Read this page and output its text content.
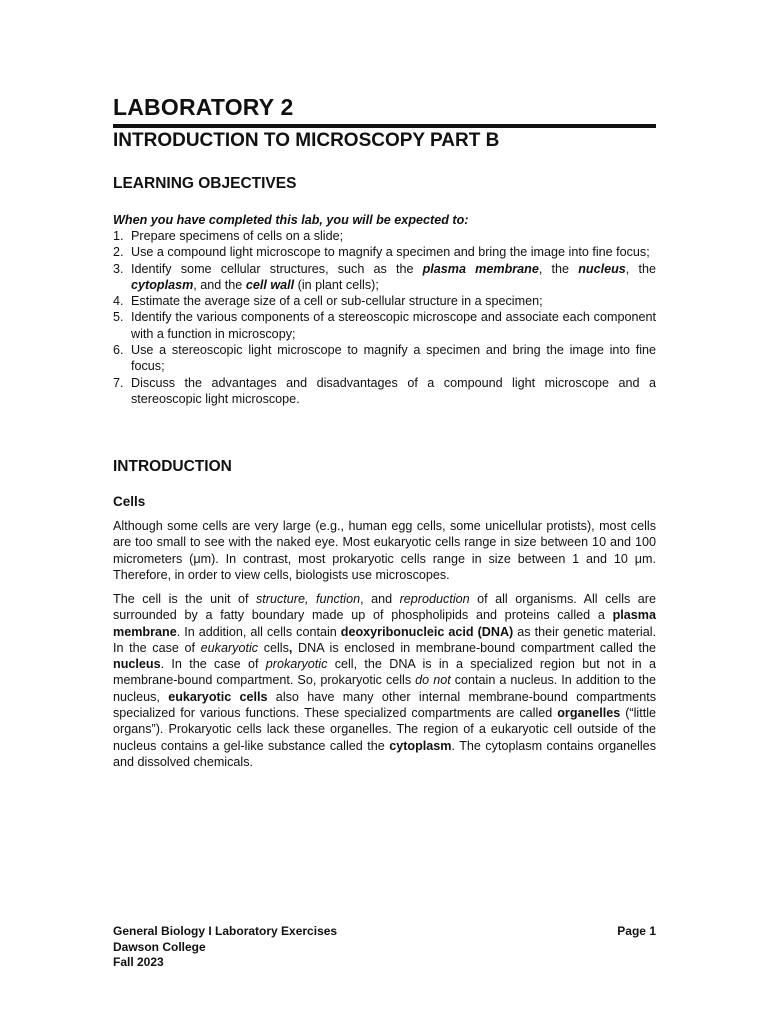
LABORATORY 2
INTRODUCTION TO MICROSCOPY PART B
LEARNING OBJECTIVES
When you have completed this lab, you will be expected to:
1. Prepare specimens of cells on a slide;
2. Use a compound light microscope to magnify a specimen and bring the image into fine focus;
3. Identify some cellular structures, such as the plasma membrane, the nucleus, the cytoplasm, and the cell wall (in plant cells);
4. Estimate the average size of a cell or sub-cellular structure in a specimen;
5. Identify the various components of a stereoscopic microscope and associate each component with a function in microscopy;
6. Use a stereoscopic light microscope to magnify a specimen and bring the image into fine focus;
7. Discuss the advantages and disadvantages of a compound light microscope and a stereoscopic light microscope.
INTRODUCTION
Cells

Although some cells are very large (e.g., human egg cells, some unicellular protists), most cells are too small to see with the naked eye. Most eukaryotic cells range in size between 10 and 100 micrometers (μm). In contrast, most prokaryotic cells range in size between 1 and 10 μm. Therefore, in order to view cells, biologists use microscopes.

The cell is the unit of structure, function, and reproduction of all organisms. All cells are surrounded by a fatty boundary made up of phospholipids and proteins called a plasma membrane. In addition, all cells contain deoxyribonucleic acid (DNA) as their genetic material. In the case of eukaryotic cells, DNA is enclosed in membrane-bound compartment called the nucleus. In the case of prokaryotic cell, the DNA is in a specialized region but not in a membrane-bound compartment. So, prokaryotic cells do not contain a nucleus. In addition to the nucleus, eukaryotic cells also have many other internal membrane-bound compartments specialized for various functions. These specialized compartments are called organelles (“little organs”). Prokaryotic cells lack these organelles. The region of a eukaryotic cell outside of the nucleus contains a gel-like substance called the cytoplasm. The cytoplasm contains organelles and dissolved chemicals.

General Biology I Laboratory Exercises
Dawson College
Fall 2023
Page 1
